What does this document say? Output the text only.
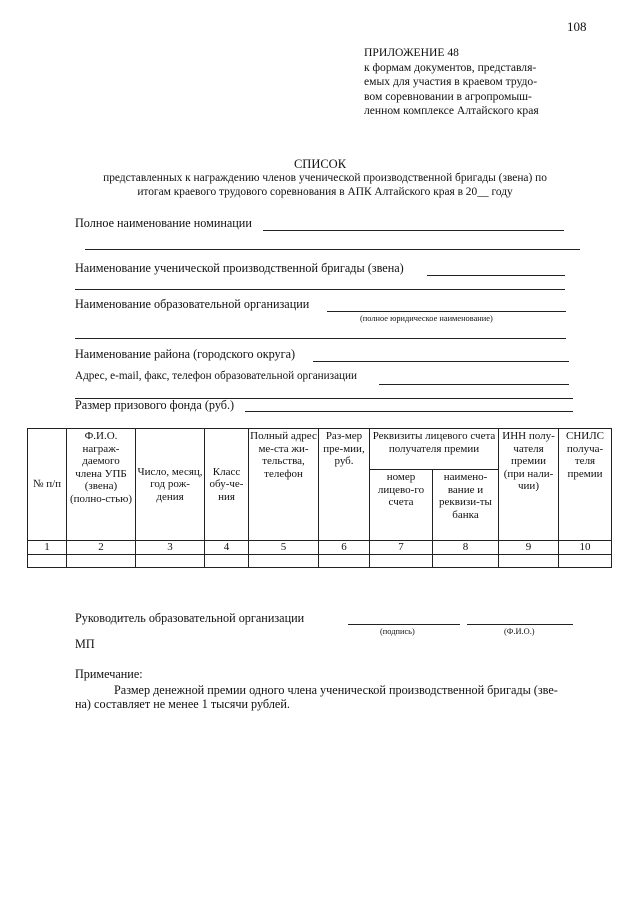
108
ПРИЛОЖЕНИЕ 48
к формам документов, представля-
емых для участия в краевом трудо-
вом соревновании в агропромыш-
ленном комплексе Алтайского края
СПИСОК
представленных к награждению членов ученической производственной бригады (звена) по
итогам краевого трудового соревнования в АПК Алтайского края в 20__ году
Полное наименование номинации
Наименование ученической производственной бригады (звена)
Наименование образовательной организации
(полное юридическое наименование)
Наименование района (городского округа)
Адрес, e-mail, факс, телефон образовательной организации
Размер призового фонда (руб.)
№ п/п	Ф.И.О. награж-даемого члена УПБ (звена) (полно-стью)	Число, месяц, год рож-дения	Класс обу-че-ния	Полный адрес ме-ста жи-тельства, телефон	Раз-мер пре-мии, руб.	Реквизиты лицевого счета получателя премии		ИНН полу-чателя премии (при нали-чии)	СНИЛС получа-теля премии
						номер лицево-го счета	наимено-вание и реквизи-ты банка		
1	2	3	4	5	6	7	8	9	10

Руководитель образовательной организации
(подпись)	(Ф.И.О.)
МП
Примечание:
Размер денежной премии одного члена ученической производственной бригады (зве-
на) составляет не менее 1 тысячи рублей.
